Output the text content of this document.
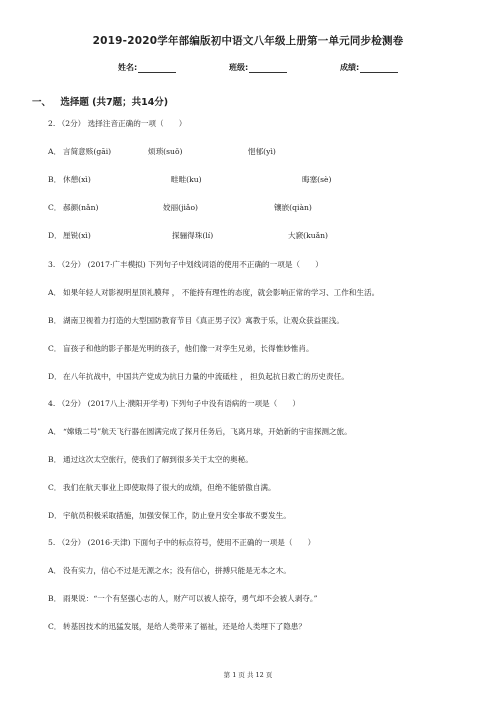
2019-2020学年部编版初中语文八年级上册第一单元同步检测卷
姓名:	班级:	成绩:
一、 选择题 (共7题；共14分)
2. （2分） 选择注音正确的一项（　　）
A． 言简意赅(gāi)	烦琐(suǒ)	悒郁(yì)
B． 休憩(xì)	畦畦(ku)	晦塞(sè)
C． 郝颜(nǎn)	姣丽(jiǎo)	镶嵌(qiàn)
D． 厘锐(xì)	探骊得珠(lí)	大窾(kuǎn)
3. （2分） (2017·广丰模拟) 下列句子中划线词语的使用不正确的一项是（　　）
A． 如果年轻人对影视明星顶礼膜拜 ， 不能持有理性的态度，就会影响正常的学习、工作和生活。
B． 湖南卫视着力打造的大型国防教育节目《真正男子汉》寓教于乐，让观众获益匪浅。
C． 盲孩子和他的影子都是光明的孩子，他们像一对孪生兄弟，长得惟妙惟肖。
D． 在八年抗战中，中国共产党成为抗日力量的中流砥柱 ， 担负起抗日救亡的历史责任。
4. （2分） (2017八上·濮阳开学考) 下列句子中没有语病的一项是（　　）
A． “嫦娥二号”航天飞行器在圆满完成了探月任务后，飞离月球，开始新的宇宙探测之旅。
B． 通过这次太空旅行，使我们了解到很多关于太空的奥秘。
C． 我们在航天事业上即使取得了很大的成绩，但绝不能骄傲自满。
D． 宇航员积极采取措施，加强安保工作，防止登月安全事故不要发生。
5. （2分） (2016·天津) 下面句子中的标点符号，使用不正确的一项是（　　）
A． 没有实力，信心不过是无源之水；没有信心，拼搏只能是无本之木。
B． 雨果说：“一个有坚强心志的人，财产可以被人掠夺，勇气却不会被人剥夺。”
C． 转基因技术的迅猛发展，是给人类带来了福祉，还是给人类埋下了隐患？
第 1 页 共 12 页
